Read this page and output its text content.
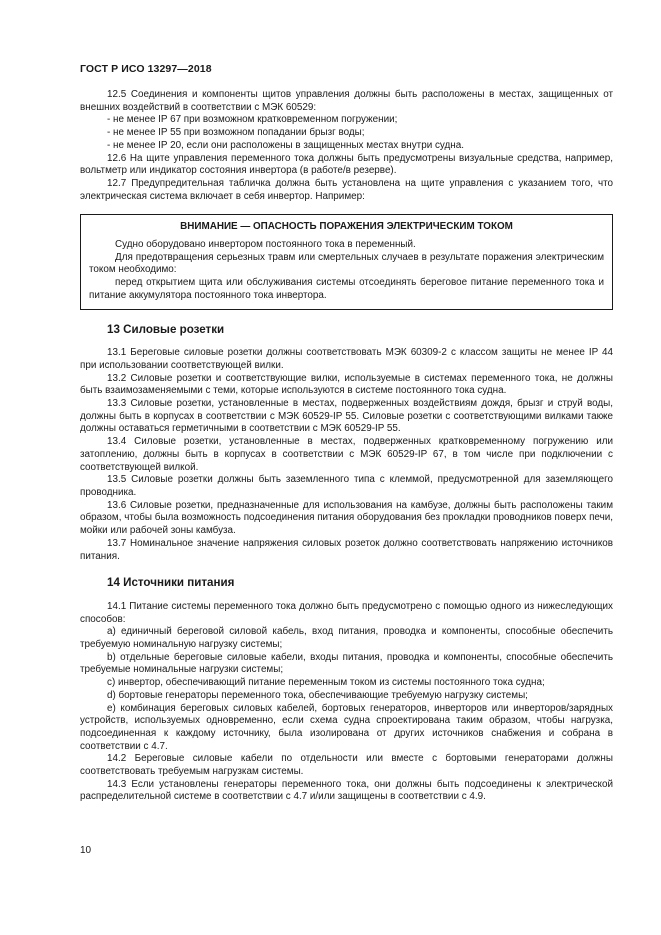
ГОСТ Р ИСО 13297—2018

12.5 Соединения и компоненты щитов управления должны быть расположены в местах, защищенных от внешних воздействий в соответствии с МЭК 60529:

- не менее IP 67 при возможном кратковременном погружении;

- не менее IP 55 при возможном попадании брызг воды;

- не менее IP 20, если они расположены в защищенных местах внутри судна.

12.6 На щите управления переменного тока должны быть предусмотрены визуальные средства, например, вольтметр или индикатор состояния инвертора (в работе/в резерве).

12.7 Предупредительная табличка должна быть установлена на щите управления с указанием того, что электрическая система включает в себя инвертор. Например:

ВНИМАНИЕ — ОПАСНОСТЬ ПОРАЖЕНИЯ ЭЛЕКТРИЧЕСКИМ ТОКОМ

Судно оборудовано инвертором постоянного тока в переменный.

Для предотвращения серьезных травм или смертельных случаев в результате поражения электрическим током необходимо:

перед открытием щита или обслуживания системы отсоединять береговое питание переменного тока и питание аккумулятора постоянного тока инвертора.

13 Силовые розетки

13.1 Береговые силовые розетки должны соответствовать МЭК 60309-2 с классом защиты не менее IP 44 при использовании соответствующей вилки.

13.2 Силовые розетки и соответствующие вилки, используемые в системах переменного тока, не должны быть взаимозаменяемыми с теми, которые используются в системе постоянного тока судна.

13.3 Силовые розетки, установленные в местах, подверженных воздействиям дождя, брызг и струй воды, должны быть в корпусах в соответствии с МЭК 60529-IP 55. Силовые розетки с соответствующими вилками также должны оставаться герметичными в соответствии с МЭК 60529-IP 55.

13.4 Силовые розетки, установленные в местах, подверженных кратковременному погружению или затоплению, должны быть в корпусах в соответствии с МЭК 60529-IP 67, в том числе при подключении с соответствующей вилкой.

13.5 Силовые розетки должны быть заземленного типа с клеммой, предусмотренной для заземляющего проводника.

13.6 Силовые розетки, предназначенные для использования на камбузе, должны быть расположены таким образом, чтобы была возможность подсоединения питания оборудования без прокладки проводников поверх печи, мойки или рабочей зоны камбуза.

13.7 Номинальное значение напряжения силовых розеток должно соответствовать напряжению источников питания.

14 Источники питания

14.1 Питание системы переменного тока должно быть предусмотрено с помощью одного из нижеследующих способов:

a) единичный береговой силовой кабель, вход питания, проводка и компоненты, способные обеспечить требуемую номинальную нагрузку системы;

b) отдельные береговые силовые кабели, входы питания, проводка и компоненты, способные обеспечить требуемые номинальные нагрузки системы;

c) инвертор, обеспечивающий питание переменным током из системы постоянного тока судна;

d) бортовые генераторы переменного тока, обеспечивающие требуемую нагрузку системы;

e) комбинация береговых силовых кабелей, бортовых генераторов, инверторов или инверторов/зарядных устройств, используемых одновременно, если схема судна спроектирована таким образом, чтобы нагрузка, подсоединенная к каждому источнику, была изолирована от других источников снабжения и собрана в соответствии с 4.7.

14.2 Береговые силовые кабели по отдельности или вместе с бортовыми генераторами должны соответствовать требуемым нагрузкам системы.

14.3 Если установлены генераторы переменного тока, они должны быть подсоединены к электрической распределительной системе в соответствии с 4.7 и/или защищены в соответствии с 4.9.

10
